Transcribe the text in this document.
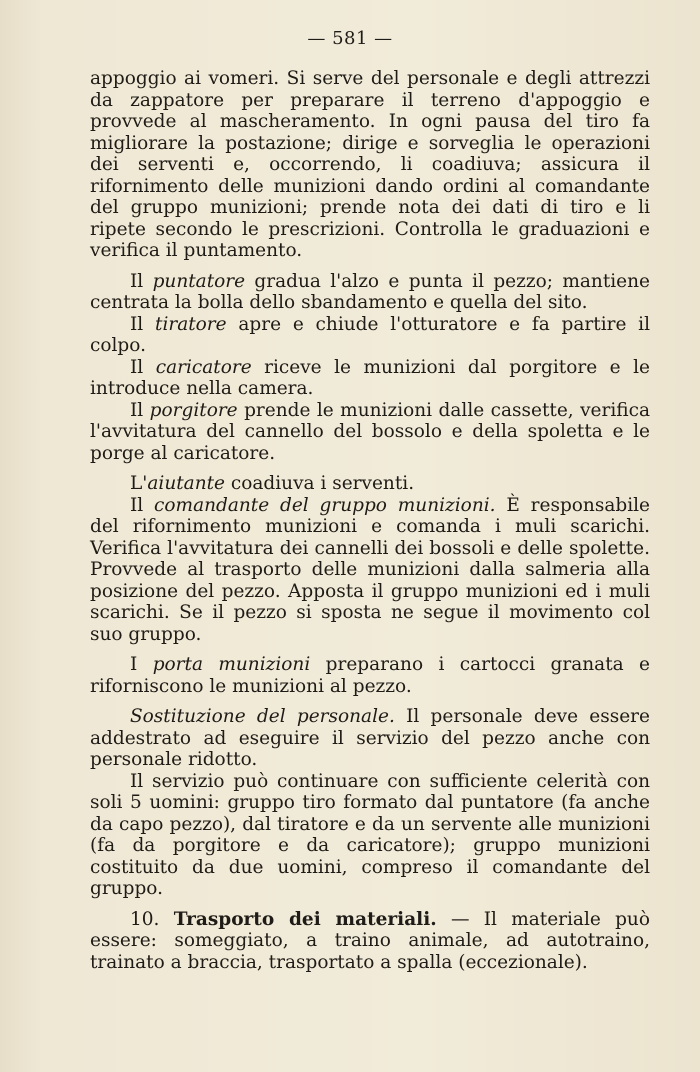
— 581 —

appoggio ai vomeri. Si serve del personale e degli attrezzi da zappatore per preparare il terreno d'appoggio e provvede al mascheramento. In ogni pausa del tiro fa migliorare la postazione; dirige e sorveglia le operazioni dei serventi e, occorrendo, li coadiuva; assicura il rifornimento delle munizioni dando ordini al comandante del gruppo munizioni; prende nota dei dati di tiro e li ripete secondo le prescrizioni. Controlla le graduazioni e verifica il puntamento.

Il puntatore gradua l'alzo e punta il pezzo; mantiene centrata la bolla dello sbandamento e quella del sito.

Il tiratore apre e chiude l'otturatore e fa partire il colpo.

Il caricatore riceve le munizioni dal porgitore e le introduce nella camera.

Il porgitore prende le munizioni dalle cassette, verifica l'avvitatura del cannello del bossolo e della spoletta e le porge al caricatore.

L'aiutante coadiuva i serventi.

Il comandante del gruppo munizioni. È responsabile del rifornimento munizioni e comanda i muli scarichi. Verifica l'avvitatura dei cannelli dei bossoli e delle spolette. Provvede al trasporto delle munizioni dalla salmeria alla posizione del pezzo. Apposta il gruppo munizioni ed i muli scarichi. Se il pezzo si sposta ne segue il movimento col suo gruppo.

I porta munizioni preparano i cartocci granata e riforniscono le munizioni al pezzo.

Sostituzione del personale. Il personale deve essere addestrato ad eseguire il servizio del pezzo anche con personale ridotto.

Il servizio può continuare con sufficiente celerità con soli 5 uomini: gruppo tiro formato dal puntatore (fa anche da capo pezzo), dal tiratore e da un servente alle munizioni (fa da porgitore e da caricatore); gruppo munizioni costituito da due uomini, compreso il comandante del gruppo.

10. Trasporto dei materiali. — Il materiale può essere: someggiato, a traino animale, ad autotraino, trainato a braccia, trasportato a spalla (eccezionale).
